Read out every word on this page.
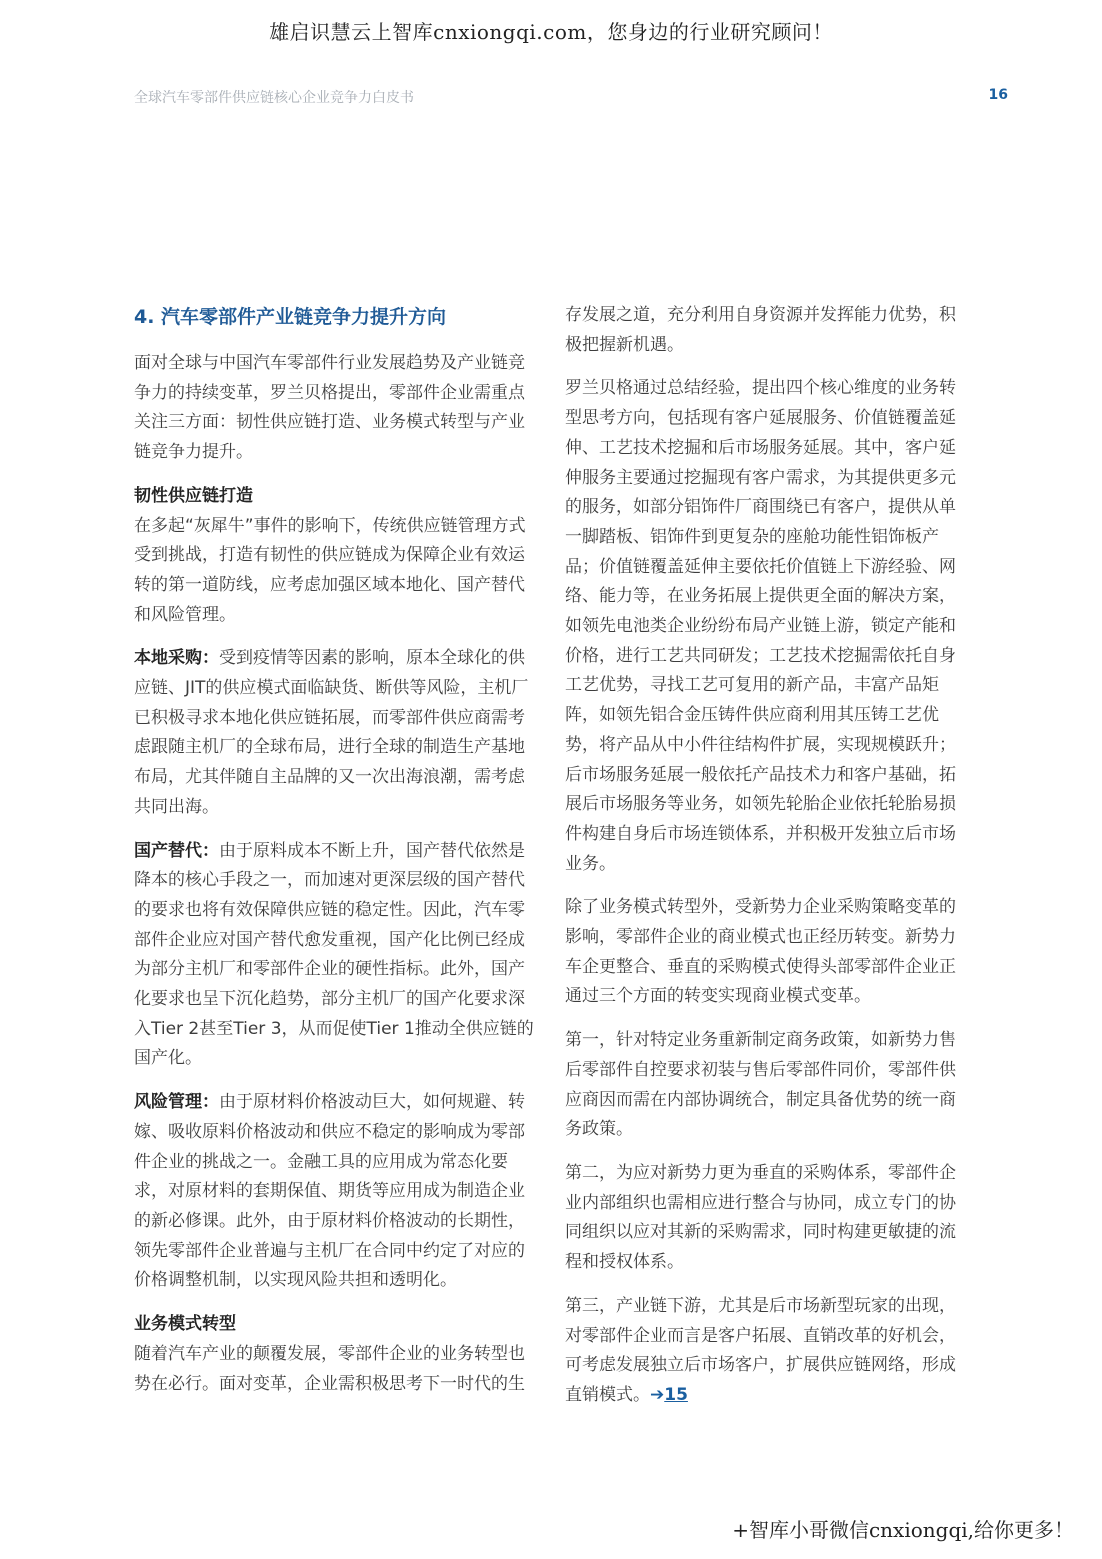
雄启识慧云上智库cnxiongqi.com，您身边的行业研究顾问！
全球汽车零部件供应链核心企业竞争力白皮书	16
4. 汽车零部件产业链竞争力提升方向

面对全球与中国汽车零部件行业发展趋势及产业链竞争力的持续变革，罗兰贝格提出，零部件企业需重点关注三方面：韧性供应链打造、业务模式转型与产业链竞争力提升。

韧性供应链打造

在多起“灰犀牛”事件的影响下，传统供应链管理方式受到挑战，打造有韧性的供应链成为保障企业有效运转的第一道防线，应考虑加强区域本地化、国产替代和风险管理。

本地采购：受到疫情等因素的影响，原本全球化的供应链、JIT的供应模式面临缺货、断供等风险，主机厂已积极寻求本地化供应链拓展，而零部件供应商需考虑跟随主机厂的全球布局，进行全球的制造生产基地布局，尤其伴随自主品牌的又一次出海浪潮，需考虑共同出海。

国产替代：由于原料成本不断上升，国产替代依然是降本的核心手段之一，而加速对更深层级的国产替代的要求也将有效保障供应链的稳定性。因此，汽车零部件企业应对国产替代愈发重视，国产化比例已经成为部分主机厂和零部件企业的硬性指标。此外，国产化要求也呈下沉化趋势，部分主机厂的国产化要求深入Tier 2甚至Tier 3，从而促使Tier 1推动全供应链的国产化。

风险管理：由于原材料价格波动巨大，如何规避、转嫁、吸收原料价格波动和供应不稳定的影响成为零部件企业的挑战之一。金融工具的应用成为常态化要求，对原材料的套期保值、期货等应用成为制造企业的新必修课。此外，由于原材料价格波动的长期性，领先零部件企业普遍与主机厂在合同中约定了对应的价格调整机制，以实现风险共担和透明化。

业务模式转型

随着汽车产业的颠覆发展，零部件企业的业务转型也势在必行。面对变革，企业需积极思考下一时代的生

存发展之道，充分利用自身资源并发挥能力优势，积极把握新机遇。

罗兰贝格通过总结经验，提出四个核心维度的业务转型思考方向，包括现有客户延展服务、价值链覆盖延伸、工艺技术挖掘和后市场服务延展。其中，客户延伸服务主要通过挖掘现有客户需求，为其提供更多元的服务，如部分铝饰件厂商围绕已有客户，提供从单一脚踏板、铝饰件到更复杂的座舱功能性铝饰板产品；价值链覆盖延伸主要依托价值链上下游经验、网络、能力等，在业务拓展上提供更全面的解决方案，如领先电池类企业纷纷布局产业链上游，锁定产能和价格，进行工艺共同研发；工艺技术挖掘需依托自身工艺优势，寻找工艺可复用的新产品，丰富产品矩阵，如领先铝合金压铸件供应商利用其压铸工艺优势，将产品从中小件往结构件扩展，实现规模跃升；后市场服务延展一般依托产品技术力和客户基础，拓展后市场服务等业务，如领先轮胎企业依托轮胎易损件构建自身后市场连锁体系，并积极开发独立后市场业务。

除了业务模式转型外，受新势力企业采购策略变革的影响，零部件企业的商业模式也正经历转变。新势力车企更整合、垂直的采购模式使得头部零部件企业正通过三个方面的转变实现商业模式变革。

第一，针对特定业务重新制定商务政策，如新势力售后零部件自控要求初装与售后零部件同价，零部件供应商因而需在内部协调统合，制定具备优势的统一商务政策。

第二，为应对新势力更为垂直的采购体系，零部件企业内部组织也需相应进行整合与协同，成立专门的协同组织以应对其新的采购需求，同时构建更敏捷的流程和授权体系。

第三，产业链下游，尤其是后市场新型玩家的出现，对零部件企业而言是客户拓展、直销改革的好机会，可考虑发展独立后市场客户，扩展供应链网络，形成直销模式。➔15

+智库小哥微信cnxiongqi,给你更多！
